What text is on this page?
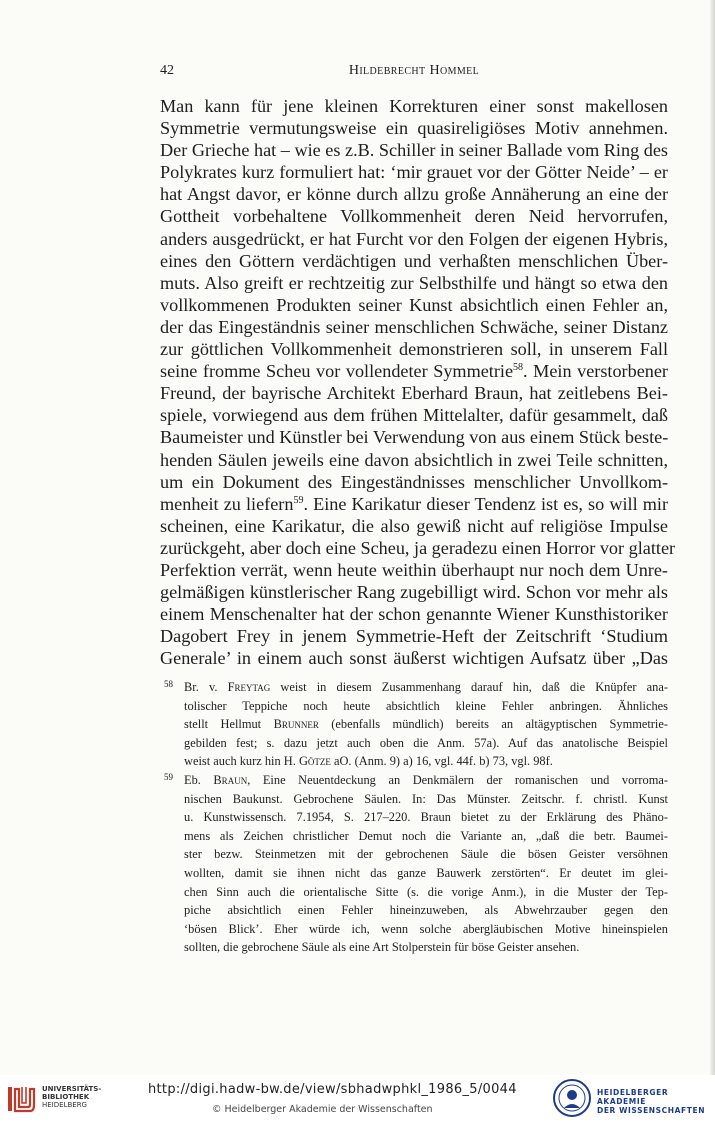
42	Hildebrecht Hommel
Man kann für jene kleinen Korrekturen einer sonst makellosen
Symmetrie vermutungsweise ein quasireligiöses Motiv annehmen.
Der Grieche hat – wie es z.B. Schiller in seiner Ballade vom Ring des
Polykrates kurz formuliert hat: ‘mir grauet vor der Götter Neide’ – er
hat Angst davor, er könne durch allzu große Annäherung an eine der
Gottheit vorbehaltene Vollkommenheit deren Neid hervorrufen,
anders ausgedrückt, er hat Furcht vor den Folgen der eigenen Hybris,
eines den Göttern verdächtigen und verhaßten menschlichen Über-
muts. Also greift er rechtzeitig zur Selbsthilfe und hängt so etwa den
vollkommenen Produkten seiner Kunst absichtlich einen Fehler an,
der das Eingeständnis seiner menschlichen Schwäche, seiner Distanz
zur göttlichen Vollkommenheit demonstrieren soll, in unserem Fall
seine fromme Scheu vor vollendeter Symmetrie$^{58}$. Mein verstorbener
Freund, der bayrische Architekt Eberhard Braun, hat zeitlebens Bei-
spiele, vorwiegend aus dem frühen Mittelalter, dafür gesammelt, daß
Baumeister und Künstler bei Verwendung von aus einem Stück beste-
henden Säulen jeweils eine davon absichtlich in zwei Teile schnitten,
um ein Dokument des Eingeständnisses menschlicher Unvollkom-
menheit zu liefern$^{59}$. Eine Karikatur dieser Tendenz ist es, so will mir
scheinen, eine Karikatur, die also gewiß nicht auf religiöse Impulse
zurückgeht, aber doch eine Scheu, ja geradezu einen Horror vor glatter
Perfektion verrät, wenn heute weithin überhaupt nur noch dem Unre-
gelmäßigen künstlerischer Rang zugebilligt wird. Schon vor mehr als
einem Menschenalter hat der schon genannte Wiener Kunsthistoriker
Dagobert Frey in jenem Symmetrie-Heft der Zeitschrift ‘Studium
Generale’ in einem auch sonst äußerst wichtigen Aufsatz über „Das
58 Br. v. Freytag weist in diesem Zusammenhang darauf hin, daß die Knüpfer ana-
tolischer Teppiche noch heute absichtlich kleine Fehler anbringen. Ähnliches
stellt Hellmut Brunner (ebenfalls mündlich) bereits an altägyptischen Symmetrie-
gebilden fest; s. dazu jetzt auch oben die Anm. 57a). Auf das anatolische Beispiel
weist auch kurz hin H. Götze aO. (Anm. 9) a) 16, vgl. 44f. b) 73, vgl. 98f.
59 Eb. Braun, Eine Neuentdeckung an Denkmälern der romanischen und vorroma-
nischen Baukunst. Gebrochene Säulen. In: Das Münster. Zeitschr. f. christl. Kunst
u. Kunstwissensch. 7.1954, S. 217–220. Braun bietet zu der Erklärung des Phäno-
mens als Zeichen christlicher Demut noch die Variante an, „daß die betr. Baumei-
ster bezw. Steinmetzen mit der gebrochenen Säule die bösen Geister versöhnen
wollten, damit sie ihnen nicht das ganze Bauwerk zerstörten“. Er deutet im glei-
chen Sinn auch die orientalische Sitte (s. die vorige Anm.), in die Muster der Tep-
piche absichtlich einen Fehler hineinzuweben, als Abwehrzauber gegen den
‘bösen Blick’. Eher würde ich, wenn solche abergläubischen Motive hineinspielen
sollten, die gebrochene Säule als eine Art Stolperstein für böse Geister ansehen.
UNIVERSITÄTS-
BIBLIOTHEK
HEIDELBERG
http://digi.hadw-bw.de/view/sbhadwphkl_1986_5/0044
© Heidelberger Akademie der Wissenschaften
HEIDELBERGER AKADEMIE
DER WISSENSCHAFTEN
